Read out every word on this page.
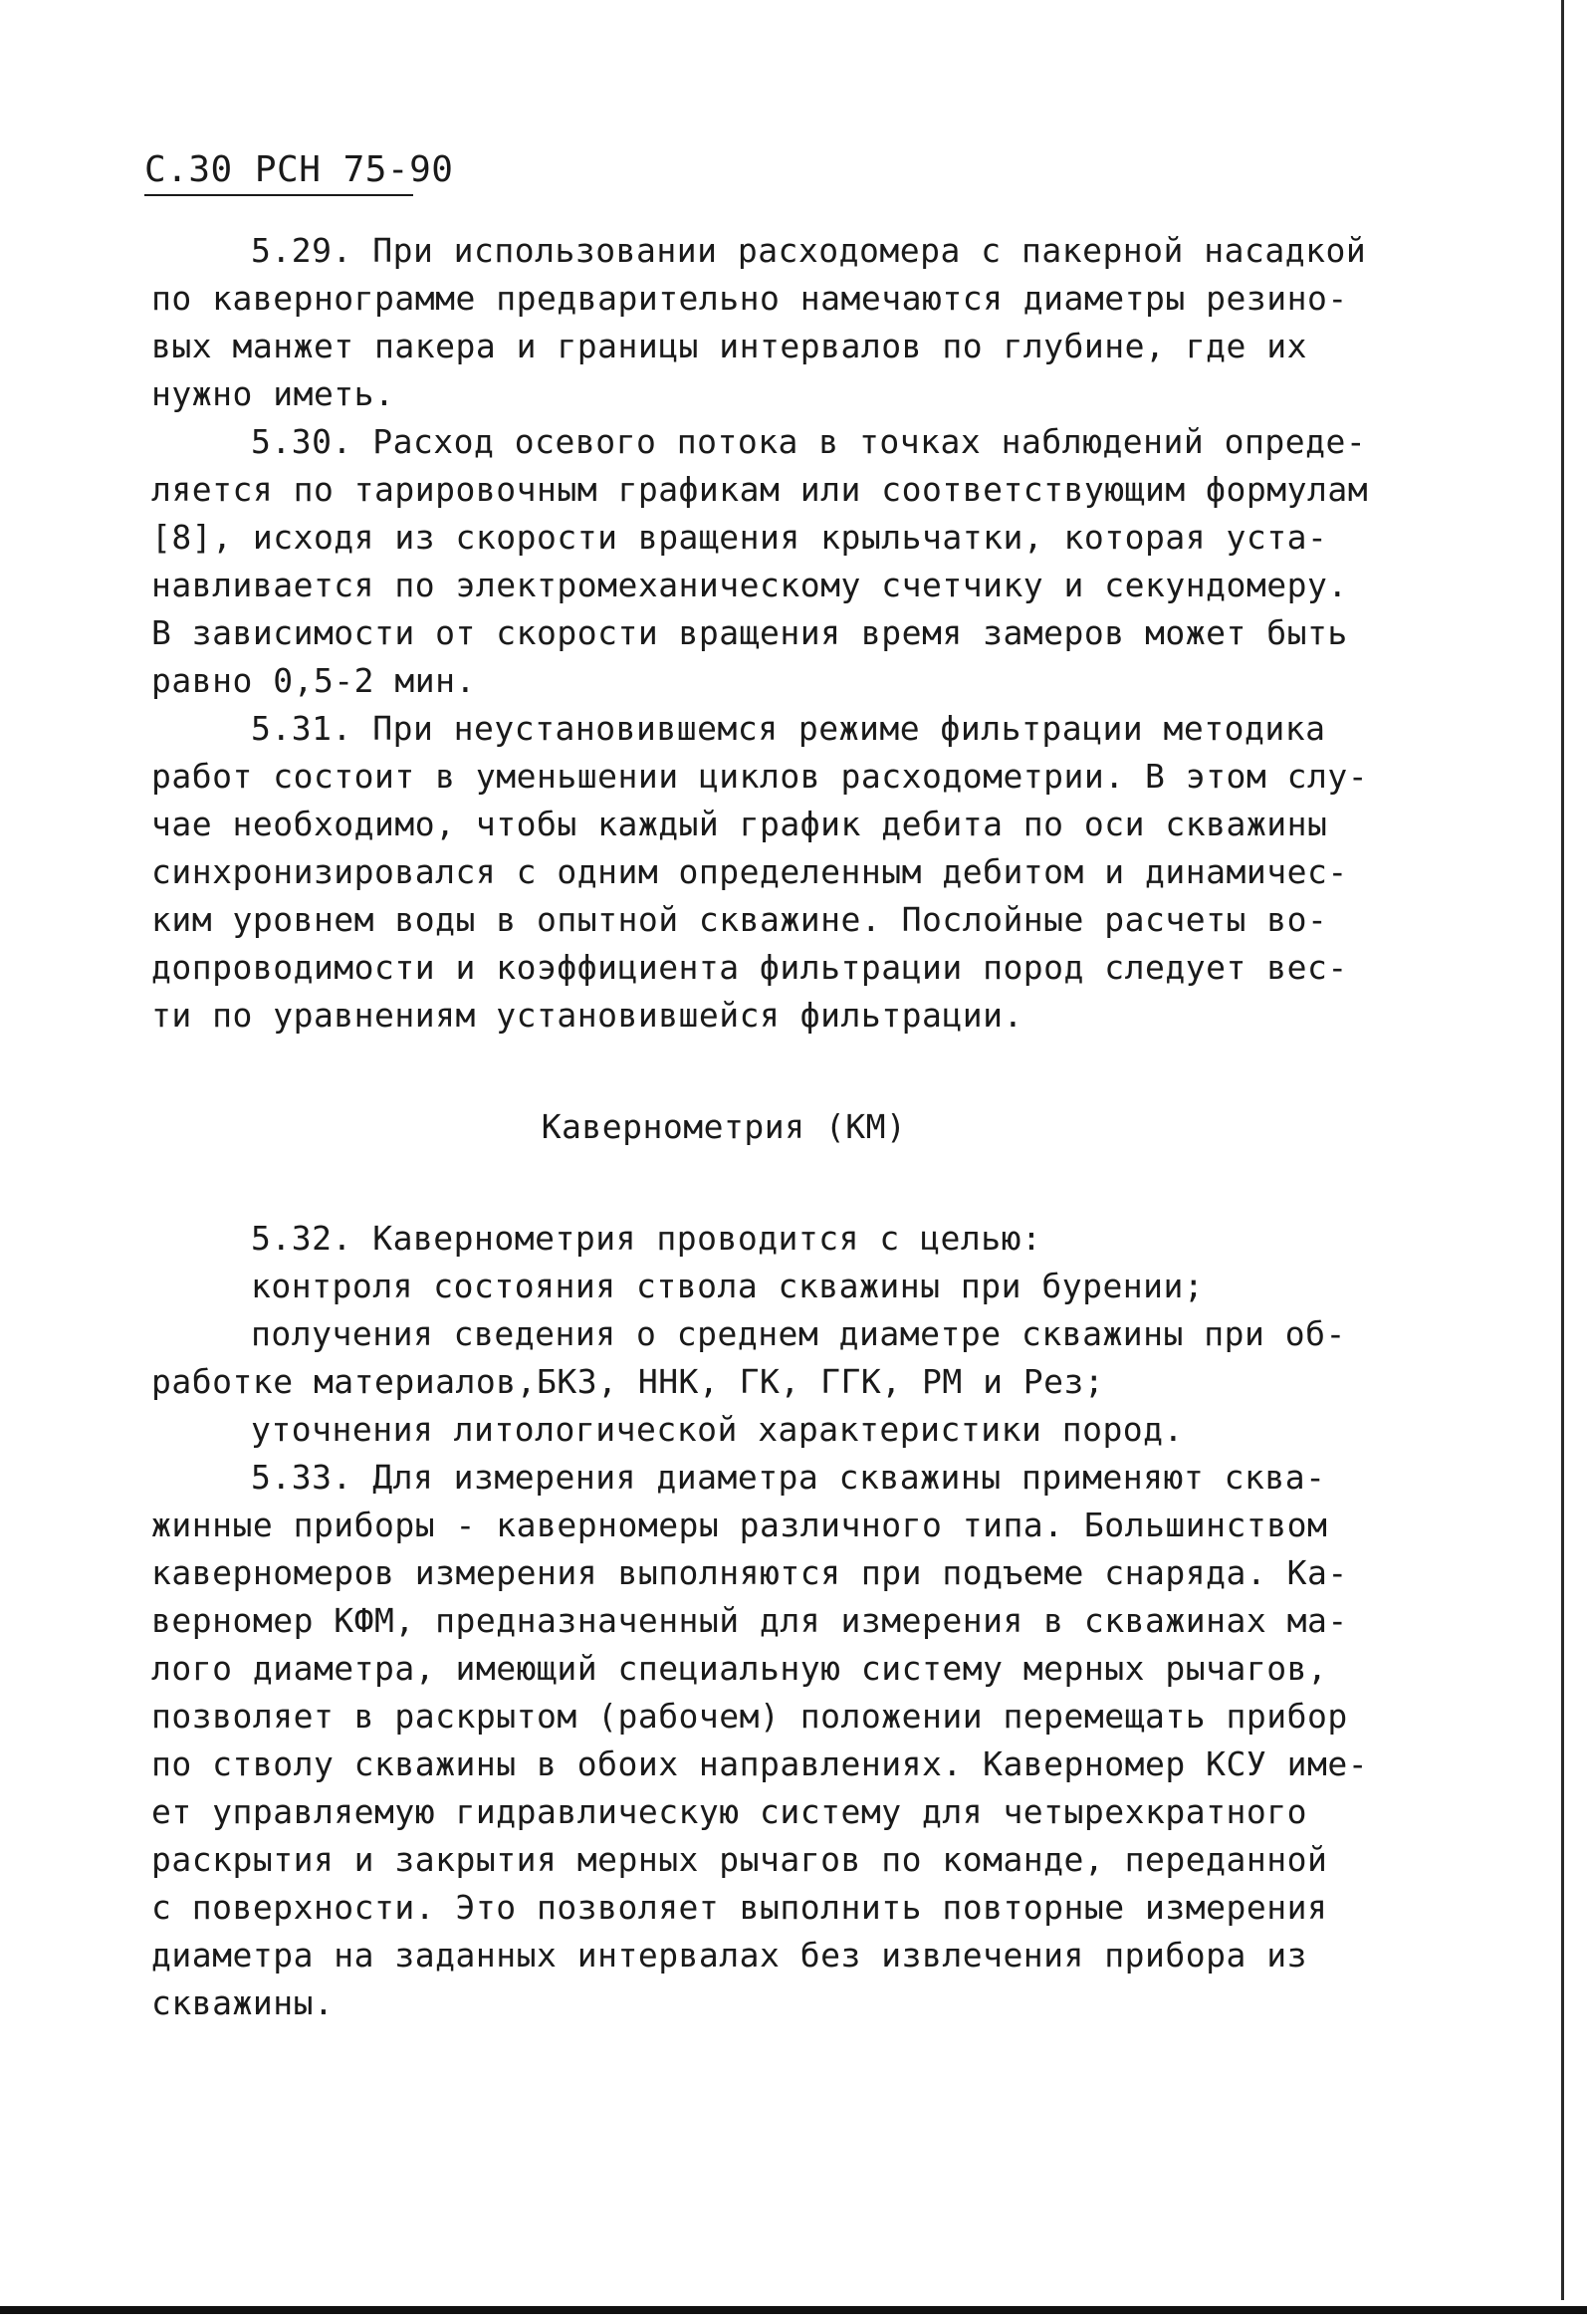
С.30 РСН 75-90
5.29. При использовании расходомера с пакерной насадкой
по кавернограмме предварительно намечаются диаметры резино-
вых манжет пакера и границы интервалов по глубине, где их
нужно иметь.
5.30. Расход осевого потока в точках наблюдений опреде-
ляется по тарировочным графикам или соответствующим формулам
[8], исходя из скорости вращения крыльчатки, которая уста-
навливается по электромеханическому счетчику и секундомеру.
В зависимости от скорости вращения время замеров может быть
равно 0,5-2 мин.
5.31. При неустановившемся режиме фильтрации методика
работ состоит в уменьшении циклов расходометрии. В этом слу-
чае необходимо, чтобы каждый график дебита по оси скважины
синхронизировался с одним определенным дебитом и динамичес-
ким уровнем воды в опытной скважине. Послойные расчеты во-
допроводимости и коэффициента фильтрации пород следует вес-
ти по уравнениям установившейся фильтрации.
Кавернометрия (КМ)
5.32. Кавернометрия проводится с целью:
контроля состояния ствола скважины при бурении;
получения сведения о среднем диаметре скважины при об-
работке материалов,БКЗ, ННК, ГК, ГГК, РМ и Рез;
уточнения литологической характеристики пород.
5.33. Для измерения диаметра скважины применяют сква-
жинные приборы - каверномеры различного типа. Большинством
каверномеров измерения выполняются при подъеме снаряда. Ка-
верномер КФМ, предназначенный для измерения в скважинах ма-
лого диаметра, имеющий специальную систему мерных рычагов,
позволяет в раскрытом (рабочем) положении перемещать прибор
по стволу скважины в обоих направлениях. Каверномер КСУ име-
ет управляемую гидравлическую систему для четырехкратного
раскрытия и закрытия мерных рычагов по команде, переданной
с поверхности. Это позволяет выполнить повторные измерения
диаметра на заданных интервалах без извлечения прибора из
скважины.
